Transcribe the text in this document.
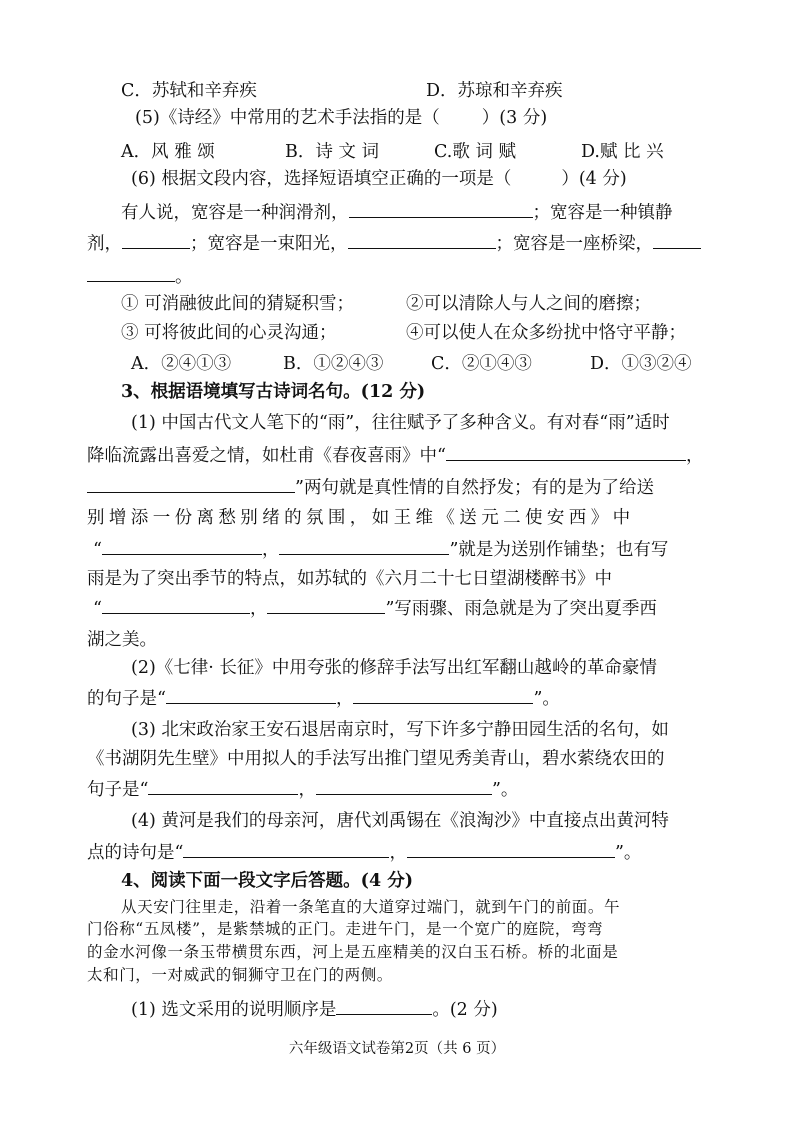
C．苏轼和辛弃疾	D．苏琼和辛弃疾
(5)《诗经》中常用的艺术手法指的是（ ）(3 分)
A．风 雅 颂	B．诗 文 词	C.歌 词 赋	D.赋 比 兴
(6) 根据文段内容，选择短语填空正确的一项是（	）(4 分)
有人说，宽容是一种润滑剂，	；宽容是一种镇静
剂，	；宽容是一束阳光，	；宽容是一座桥梁，
。
① 可消融彼此间的猜疑积雪；	②可以清除人与人之间的磨擦；
③ 可将彼此间的心灵沟通；	④可以使人在众多纷扰中恪守平静；
A．②④①③	B．①②④③	C．②①④③	D．①③②④
3、根据语境填写古诗词名句。(12 分)
(1) 中国古代文人笔下的“雨”，往往赋予了多种含义。有对春“雨”适时
降临流露出喜爱之情，如杜甫《春夜喜雨》中“	，
”两句就是真性情的自然抒发；有的是为了给送
别增添一份离愁别绪的氛围，如王维《送元二使安西》中
“	，	”就是为送别作铺垫；也有写
雨是为了突出季节的特点，如苏轼的《六月二十七日望湖楼醉书》中
“	，	”写雨骤、雨急就是为了突出夏季西
湖之美。
(2)《七律· 长征》中用夸张的修辞手法写出红军翻山越岭的革命豪情
的句子是“	，	”。
(3) 北宋政治家王安石退居南京时，写下许多宁静田园生活的名句，如
《书湖阴先生壁》中用拟人的手法写出推门望见秀美青山，碧水萦绕农田的
句子是“	，	”。
(4) 黄河是我们的母亲河，唐代刘禹锡在《浪淘沙》中直接点出黄河特
点的诗句是“	，	”。
4、阅读下面一段文字后答题。(4 分)
从天安门往里走，沿着一条笔直的大道穿过端门，就到午门的前面。午
门俗称“五凤楼”，是紫禁城的正门。走进午门，是一个宽广的庭院，弯弯
的金水河像一条玉带横贯东西，河上是五座精美的汉白玉石桥。桥的北面是
太和门，一对威武的铜狮守卫在门的两侧。
(1) 选文采用的说明顺序是	。(2 分)
六年级语文试卷第2页（共 6 页）
